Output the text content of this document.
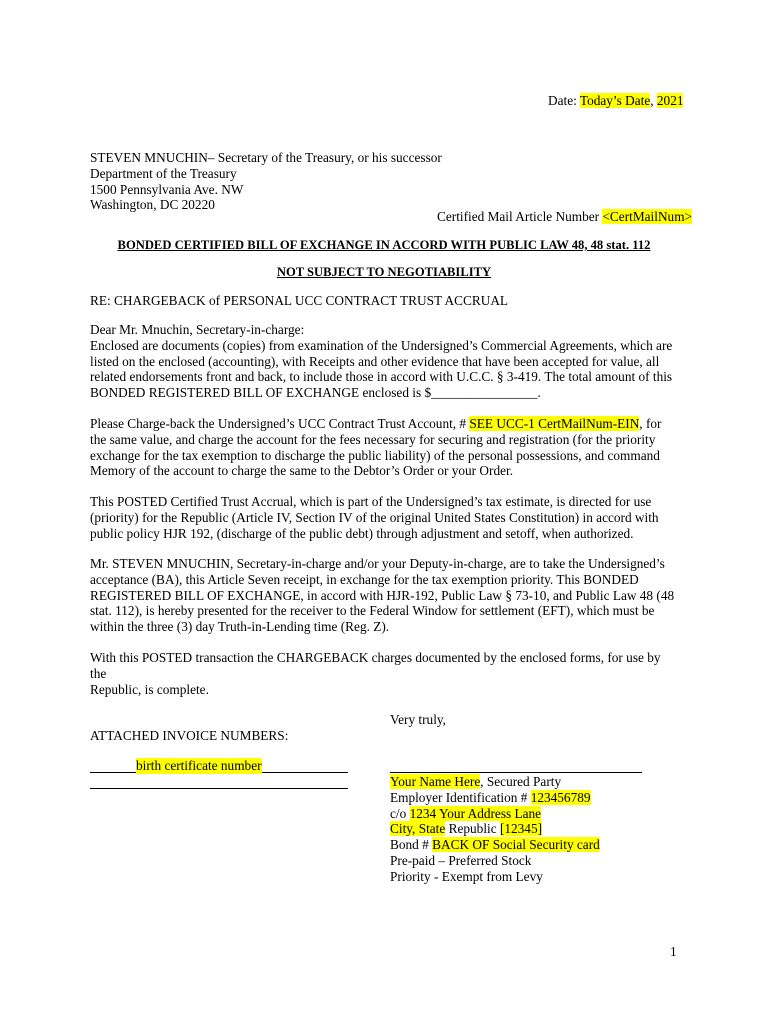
Date: Today’s Date, 2021
STEVEN MNUCHIN– Secretary of the Treasury, or his successor
Department of the Treasury
1500 Pennsylvania Ave. NW
Washington, DC 20220
Certified Mail Article Number <CertMailNum>
BONDED CERTIFIED BILL OF EXCHANGE IN ACCORD WITH PUBLIC LAW 48, 48 stat. 112
NOT SUBJECT TO NEGOTIABILITY
RE: CHARGEBACK of PERSONAL UCC CONTRACT TRUST ACCRUAL
Dear Mr. Mnuchin, Secretary-in-charge:
Enclosed are documents (copies) from examination of the Undersigned’s Commercial Agreements, which are
listed on the enclosed (accounting), with Receipts and other evidence that have been accepted for value, all
related endorsements front and back, to include those in accord with U.C.C. § 3-419. The total amount of this
BONDED REGISTERED BILL OF EXCHANGE enclosed is $________________.
Please Charge-back the Undersigned’s UCC Contract Trust Account, # SEE UCC-1 CertMailNum-EIN, for
the same value, and charge the account for the fees necessary for securing and registration (for the priority
exchange for the tax exemption to discharge the public liability) of the personal possessions, and command
Memory of the account to charge the same to the Debtor’s Order or your Order.
This POSTED Certified Trust Accrual, which is part of the Undersigned’s tax estimate, is directed for use
(priority) for the Republic (Article IV, Section IV of the original United States Constitution) in accord with
public policy HJR 192, (discharge of the public debt) through adjustment and setoff, when authorized.
Mr. STEVEN MNUCHIN, Secretary-in-charge and/or your Deputy-in-charge, are to take the Undersigned’s
acceptance (BA), this Article Seven receipt, in exchange for the tax exemption priority. This BONDED
REGISTERED BILL OF EXCHANGE, in accord with HJR-192, Public Law § 73-10, and Public Law 48 (48
stat. 112), is hereby presented for the receiver to the Federal Window for settlement (EFT), which must be
within the three (3) day Truth-in-Lending time (Reg. Z).
With this POSTED transaction the CHARGEBACK charges documented by the enclosed forms, for use by the
Republic, is complete.
Very truly,
ATTACHED INVOICE NUMBERS:
birth certificate number
Your Name Here, Secured Party
Employer Identification # 123456789
c/o 1234 Your Address Lane
City, State Republic [12345]
Bond # BACK OF Social Security card
Pre-paid – Preferred Stock
Priority - Exempt from Levy
1
